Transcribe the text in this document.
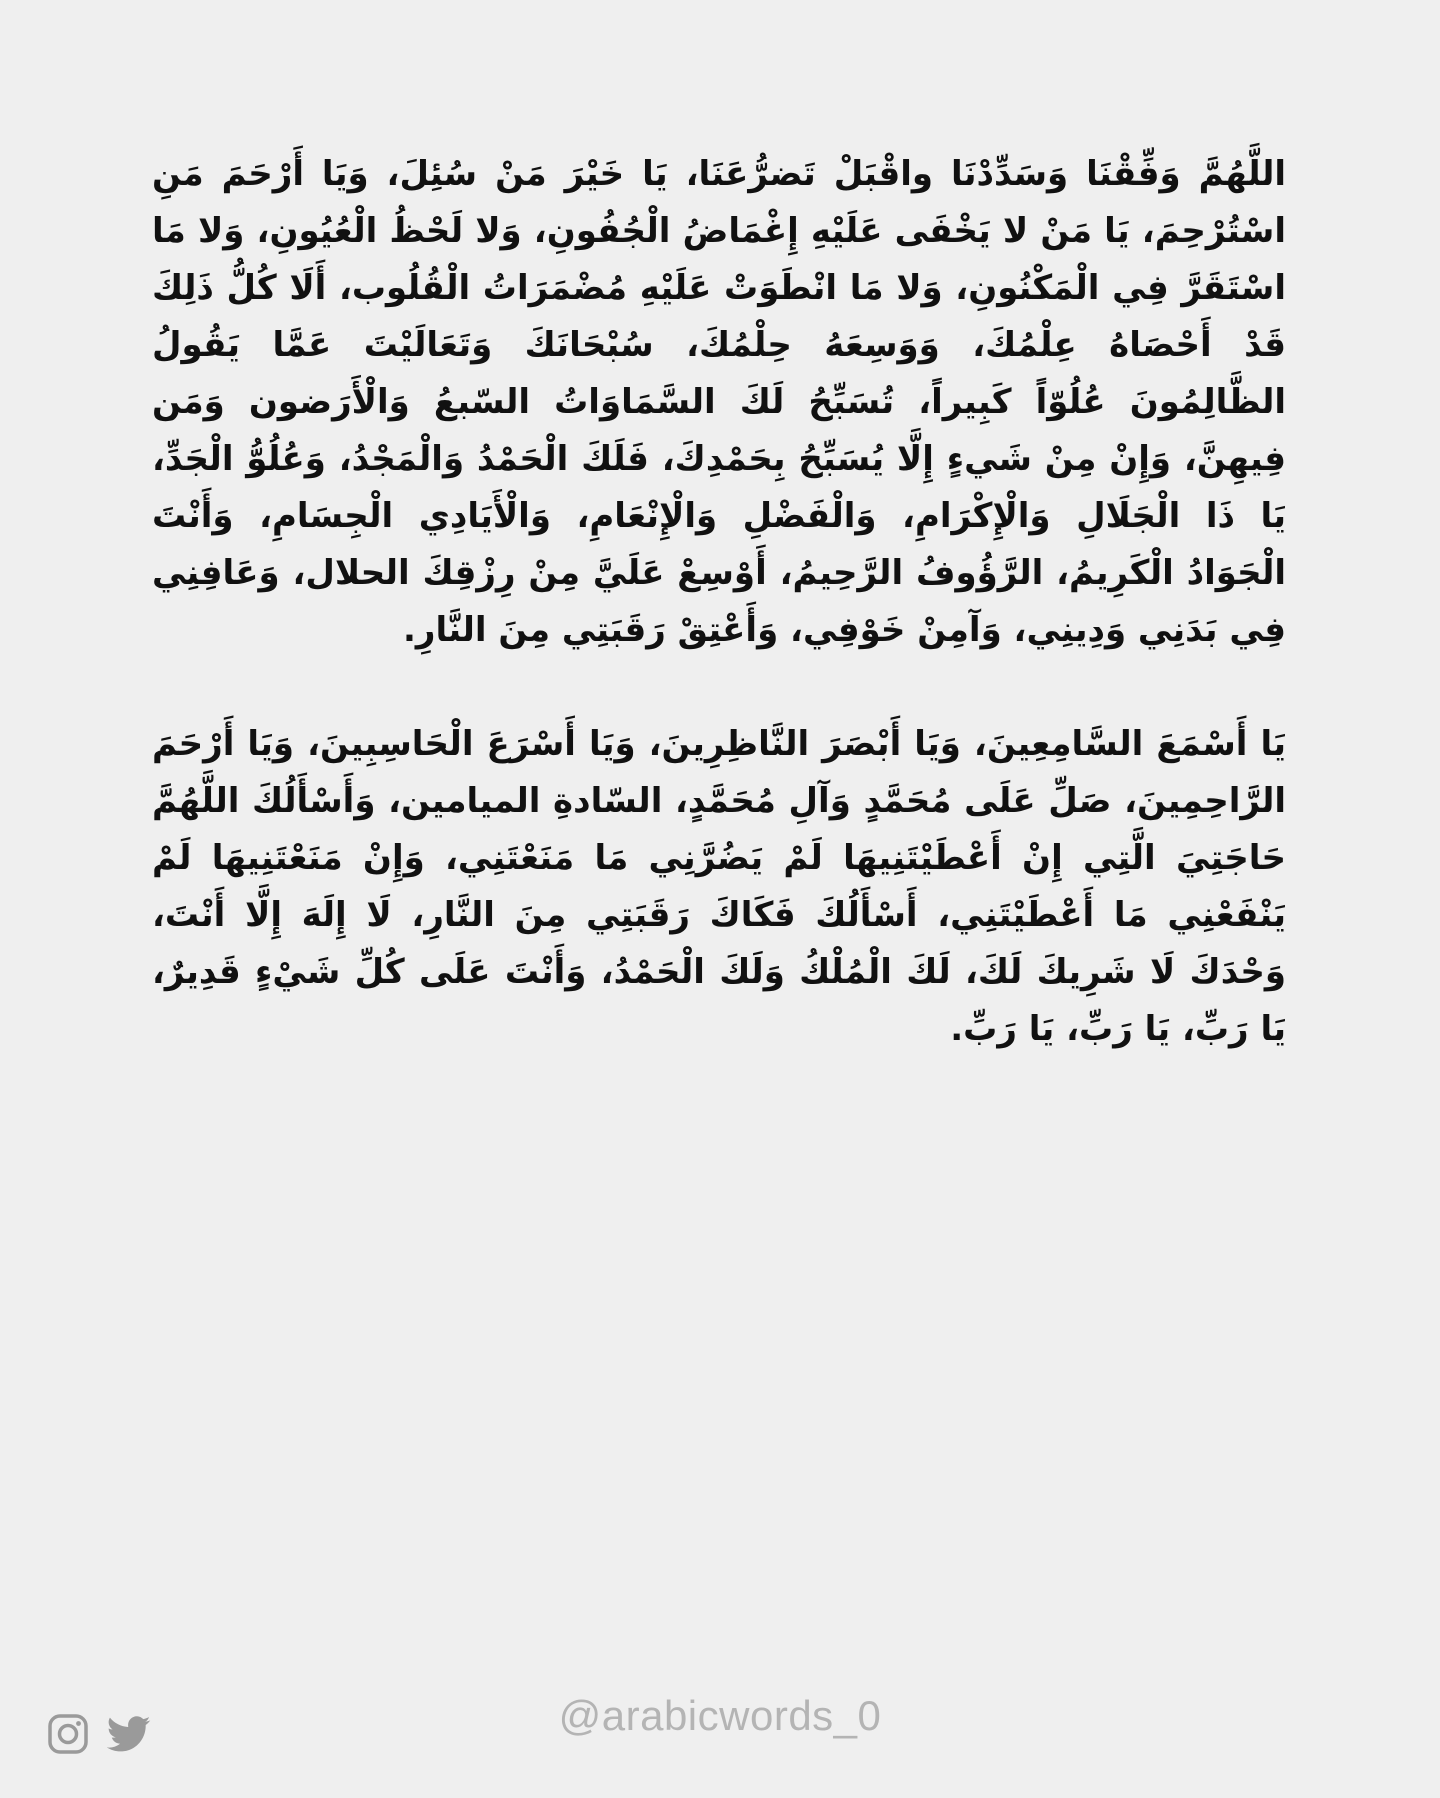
اللَّهُمَّ وَفِّقْنَا وَسَدِّدْنَا واقْبَلْ تَضرُّعَنَا، يَا خَيْرَ مَنْ سُئِلَ، وَيَا أَرْحَمَ مَنِ اسْتُرْحِمَ، يَا مَنْ لا يَخْفَى عَلَيْهِ إِغْمَاضُ الْجُفُونِ، وَلا لَحْظُ الْعُيُونِ، وَلا مَا اسْتَقَرَّ فِي الْمَكْنُونِ، وَلا مَا انْطَوَتْ عَلَيْهِ مُضْمَرَاتُ الْقُلُوب، أَلَا كُلُّ ذَلِكَ قَدْ أَحْصَاهُ عِلْمُكَ، وَوَسِعَهُ حِلْمُكَ، سُبْحَانَكَ وَتَعَالَيْتَ عَمَّا يَقُولُ الظَّالِمُونَ عُلُوّاً كَبِيراً، تُسَبِّحُ لَكَ السَّمَاوَاتُ السّبعُ وَالْأَرَضون وَمَن فِيهِنَّ، وَإِنْ مِنْ شَيءٍ إِلَّا يُسَبِّحُ بِحَمْدِكَ، فَلَكَ الْحَمْدُ وَالْمَجْدُ، وَعُلُوُّ الْجَدِّ، يَا ذَا الْجَلَالِ وَالْإِكْرَامِ، وَالْفَضْلِ وَالْإِنْعَامِ، وَالْأَيَادِي الْجِسَامِ، وَأَنْتَ الْجَوَادُ الْكَرِيمُ، الرَّؤُوفُ الرَّحِيمُ، أَوْسِعْ عَلَيَّ مِنْ رِزْقِكَ الحلال، وَعَافِنِي فِي بَدَنِي وَدِينِي، وَآمِنْ خَوْفِي، وَأَعْتِقْ رَقَبَتِي مِنَ النَّارِ.

يَا أَسْمَعَ السَّامِعِينَ، وَيَا أَبْصَرَ النَّاظِرِينَ، وَيَا أَسْرَعَ الْحَاسِبِينَ، وَيَا أَرْحَمَ الرَّاحِمِينَ، صَلِّ عَلَى مُحَمَّدٍ وَآلِ مُحَمَّدٍ، السّادةِ الميامين، وَأَسْأَلُكَ اللَّهُمَّ حَاجَتِيَ الَّتِي إِنْ أَعْطَيْتَنِيهَا لَمْ يَضُرَّنِي مَا مَنَعْتَنِي، وَإِنْ مَنَعْتَنِيهَا لَمْ يَنْفَعْنِي مَا أَعْطَيْتَنِي، أَسْأَلُكَ فَكَاكَ رَقَبَتِي مِنَ النَّارِ، لَا إِلَهَ إِلَّا أَنْتَ، وَحْدَكَ لَا شَرِيكَ لَكَ، لَكَ الْمُلْكُ وَلَكَ الْحَمْدُ، وَأَنْتَ عَلَى كُلِّ شَيْءٍ قَدِيرٌ، يَا رَبِّ، يَا رَبِّ، يَا رَبِّ.

@arabicwords_0
